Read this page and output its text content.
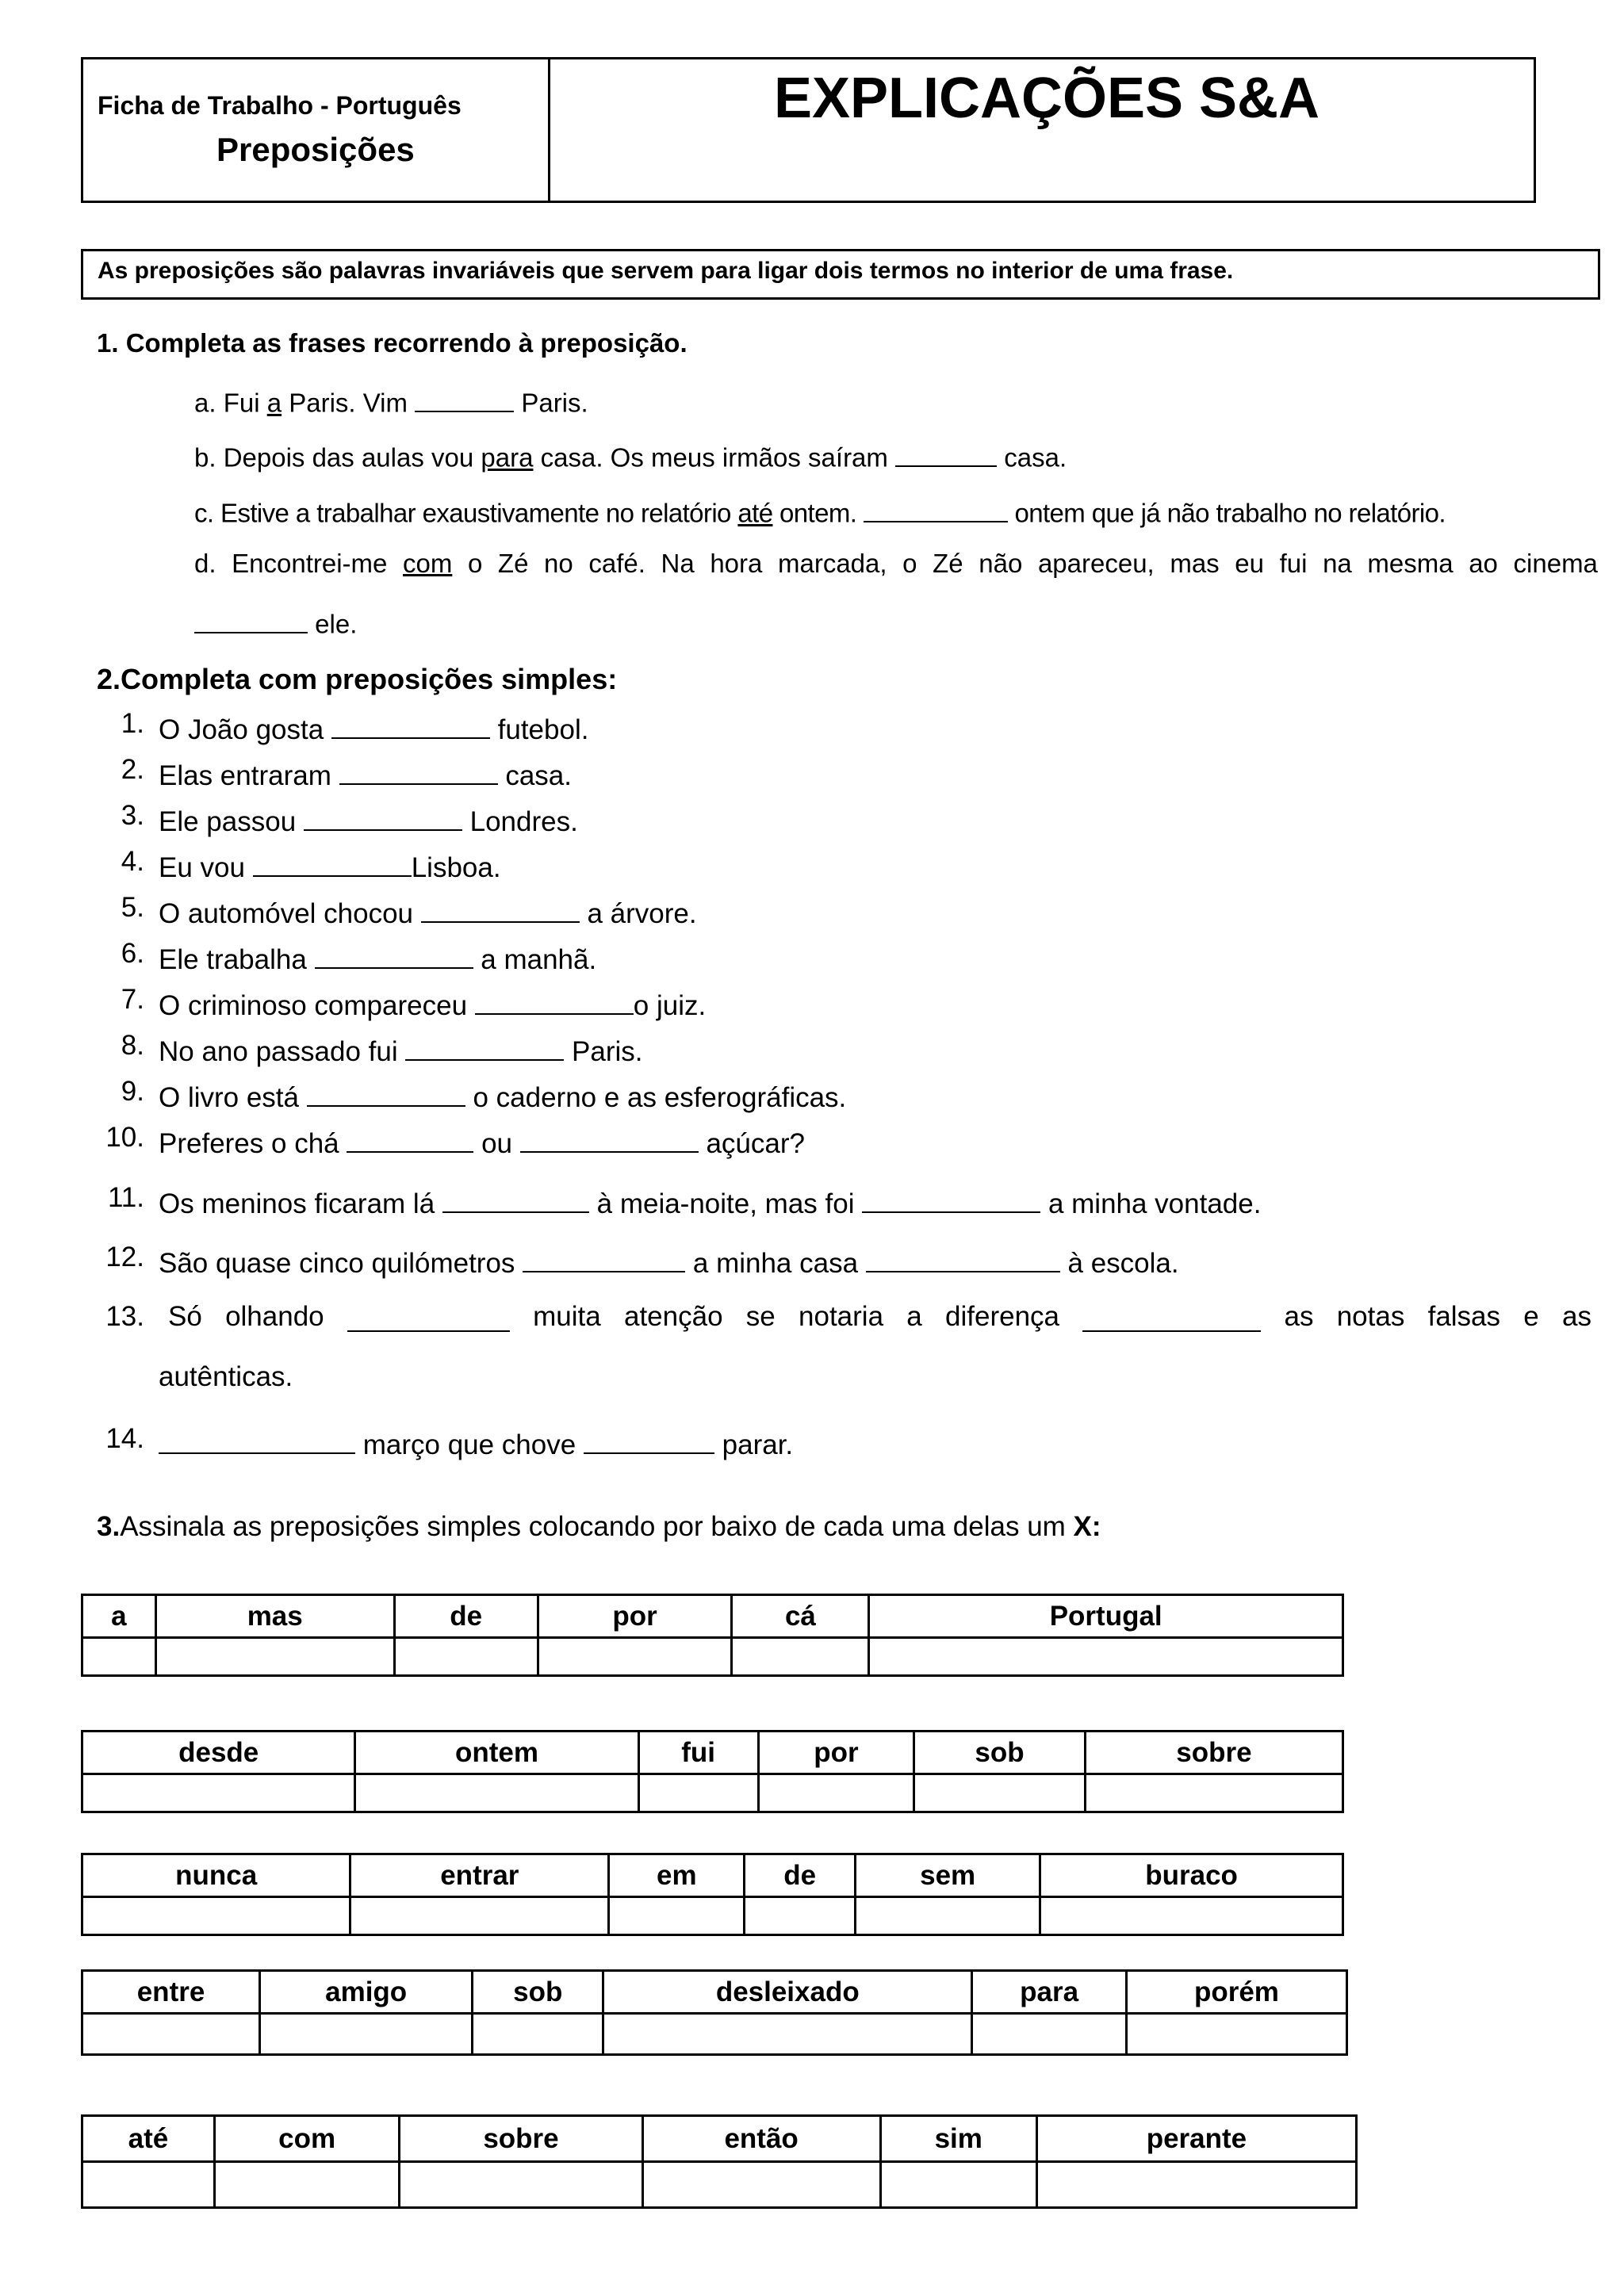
Ficha de Trabalho - Português
Preposições
EXPLICAÇÕES S&A
As preposições são palavras invariáveis que servem para ligar dois termos no interior de uma frase.
1. Completa as frases recorrendo à preposição.
a. Fui a Paris. Vim	Paris.
b. Depois das aulas vou para casa. Os meus irmãos saíram	casa.
c. Estive a trabalhar exaustivamente no relatório até ontem.	ontem que já não trabalho no relatório.
d. Encontrei-me com o Zé no café. Na hora marcada, o Zé não apareceu, mas eu fui na mesma ao cinema
ele.
2.Completa com preposições simples:
1. O João gosta	futebol.
2. Elas entraram	casa.
3. Ele passou	Londres.
4. Eu vou	Lisboa.
5. O automóvel chocou	a árvore.
6. Ele trabalha	a manhã.
7. O criminoso compareceu	o juiz.
8. No ano passado fui	Paris.
9. O livro está	o caderno e as esferográficas.
10. Preferes o chá	ou	açúcar?
11. Os meninos ficaram lá	à meia-noite, mas foi	a minha vontade.
12. São quase cinco quilómetros	a minha casa	à escola.
13. Só olhando	muita atenção se notaria a diferença	as notas falsas e as
autênticas.
14.	março que chove	parar.
3.Assinala as preposições simples colocando por baixo de cada uma delas um X:
a	mas	de	por	cá	Portugal

desde	ontem	fui	por	sob	sobre

nunca	entrar	em	de	sem	buraco

entre	amigo	sob	desleixado	para	porém

até	com	sobre	então	sim	perante
